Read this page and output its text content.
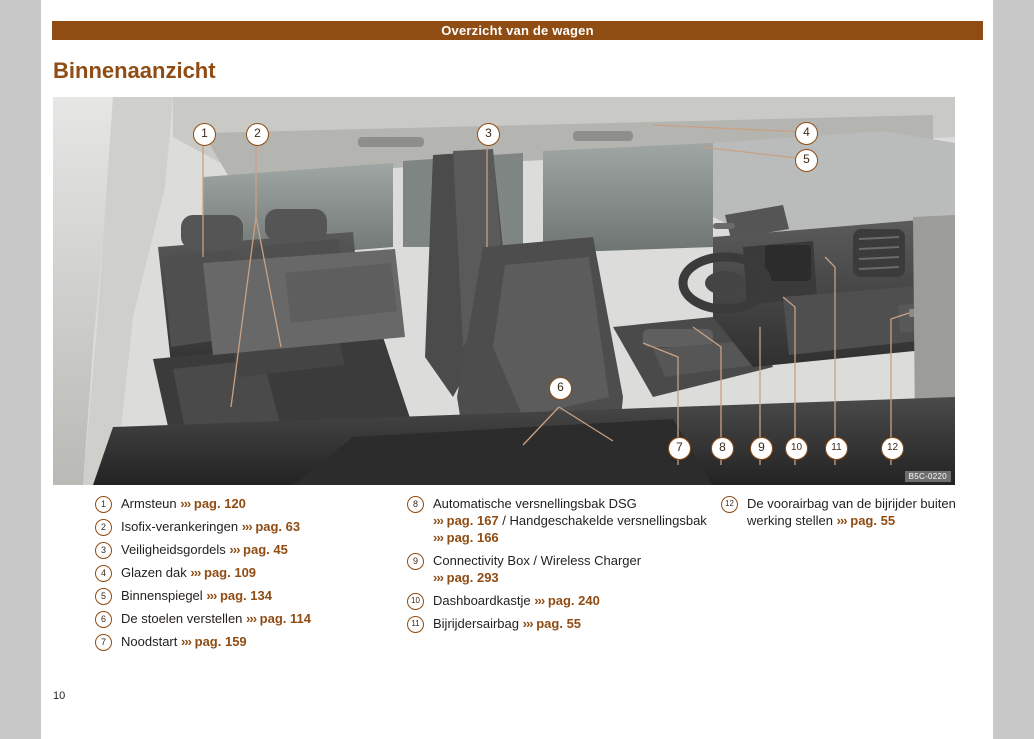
Overzicht van de wagen
Binnenaanzicht
1	2	3	4
5
6
7	8	9	10	11	12
B5C-0220
1	Armsteun ››› pag. 120
2	Isofix-verankeringen ››› pag. 63
3	Veiligheidsgordels ››› pag. 45
4	Glazen dak ››› pag. 109
5	Binnenspiegel ››› pag. 134
6	De stoelen verstellen ››› pag. 114
7	Noodstart ››› pag. 159
8	Automatische versnellingsbak DSG
››› pag. 167 / Handgeschakelde versnellingsbak ››› pag. 166
9	Connectivity Box / Wireless Charger
››› pag. 293
10	Dashboardkastje ››› pag. 240
11	Bijrijdersairbag ››› pag. 55
12	De voorairbag van de bijrijder buiten werking stellen ››› pag. 55
10
